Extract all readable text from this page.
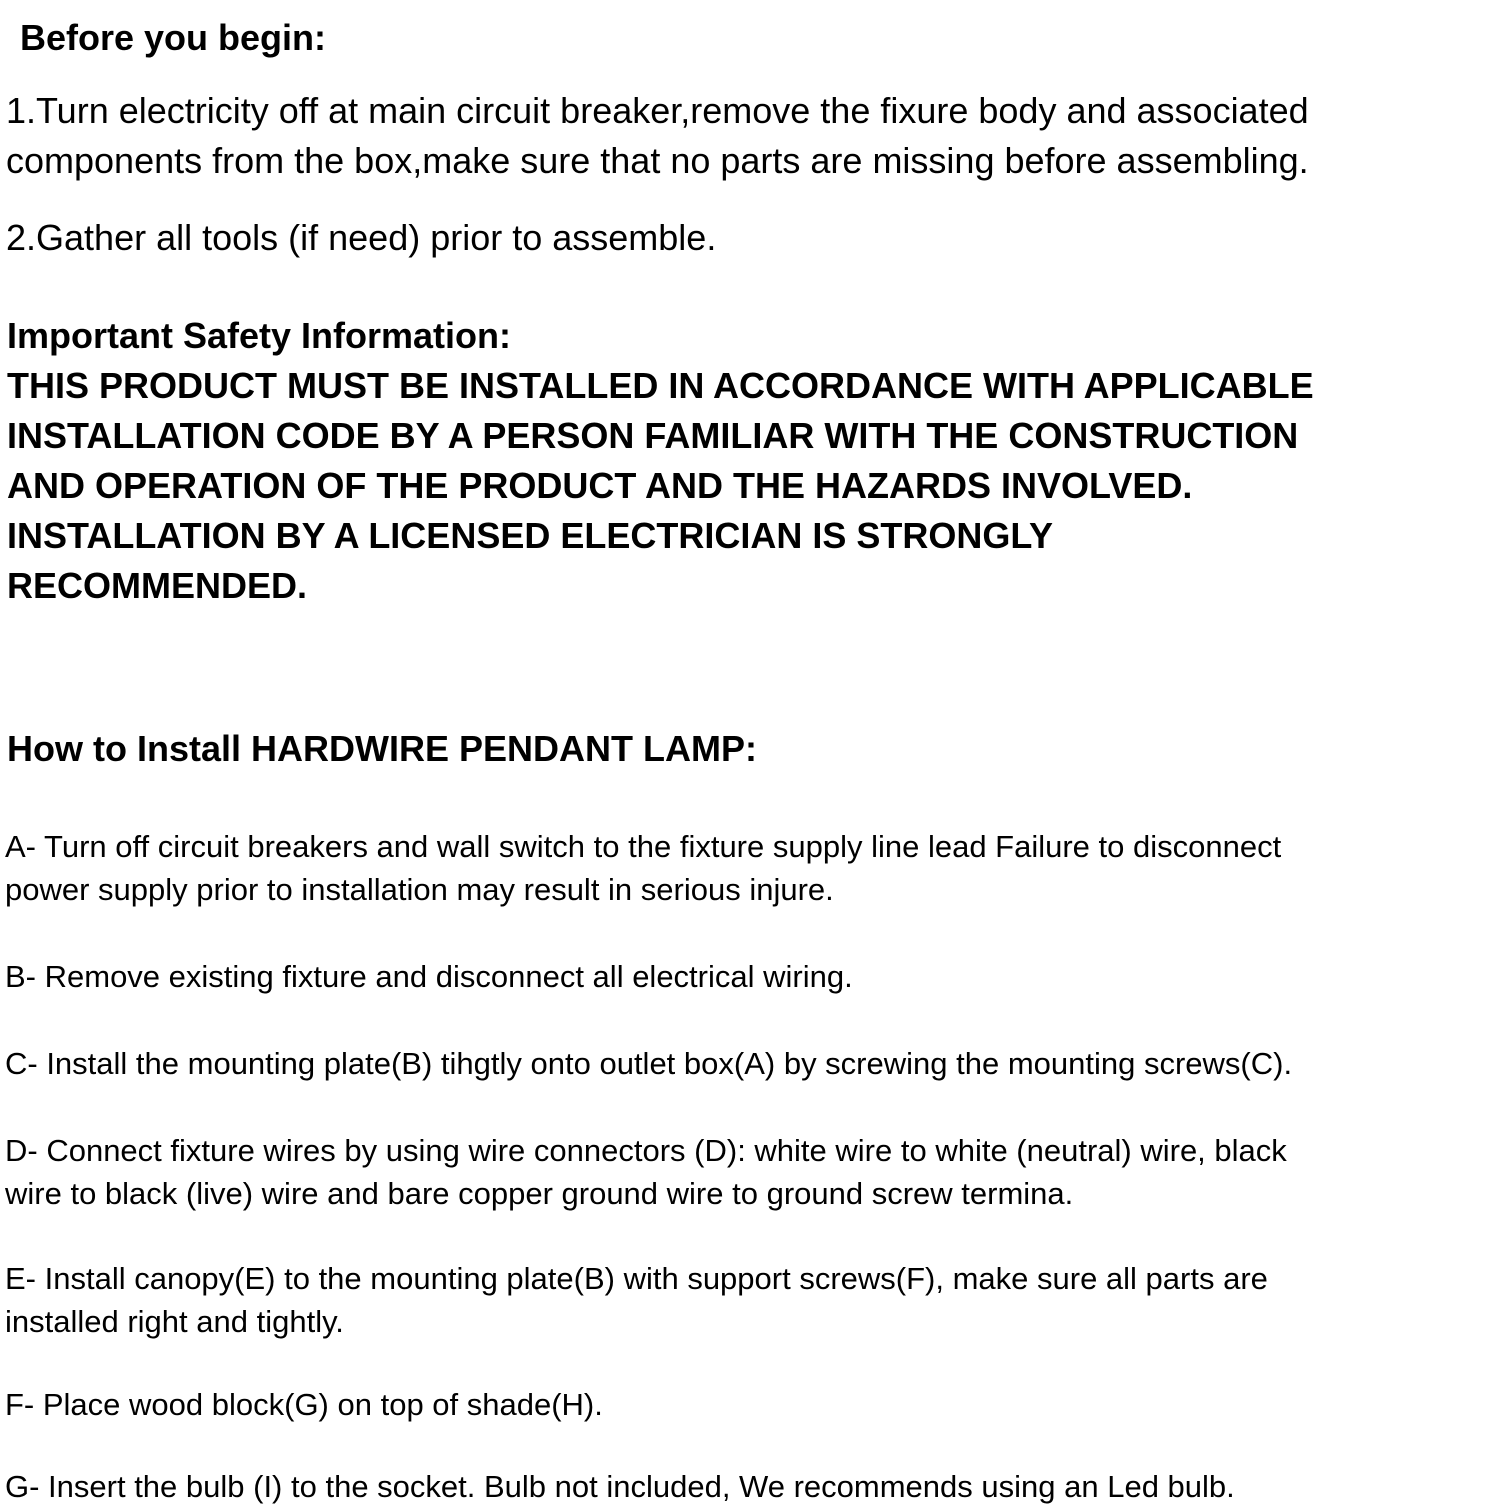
Before you begin:
1.Turn electricity off at main circuit breaker,remove the fixure body and associated
components from the box,make sure that no parts are missing before assembling.
2.Gather all tools (if need) prior to assemble.
Important Safety Information:
THIS PRODUCT MUST BE INSTALLED IN ACCORDANCE WITH APPLICABLE
INSTALLATION CODE BY A PERSON FAMILIAR WITH THE CONSTRUCTION
AND OPERATION OF THE PRODUCT AND THE HAZARDS INVOLVED.
INSTALLATION BY A LICENSED ELECTRICIAN IS STRONGLY
RECOMMENDED.
How to Install HARDWIRE PENDANT LAMP:
A- Turn off circuit breakers and wall switch to the fixture supply line lead Failure to disconnect
power supply prior to installation may result in serious injure.
B- Remove existing fixture and disconnect all electrical wiring.
C- Install the mounting plate(B) tihgtly onto outlet box(A) by screwing the mounting screws(C).
D- Connect fixture wires by using wire connectors (D): white wire to white (neutral) wire, black
wire to black (live) wire and bare copper ground wire to ground screw termina.
E- Install canopy(E) to the mounting plate(B) with support screws(F), make sure all parts are
installed right and tightly.
F- Place wood block(G) on top of shade(H).
G- Insert the bulb (I) to the socket. Bulb not included, We recommends using an Led bulb.
